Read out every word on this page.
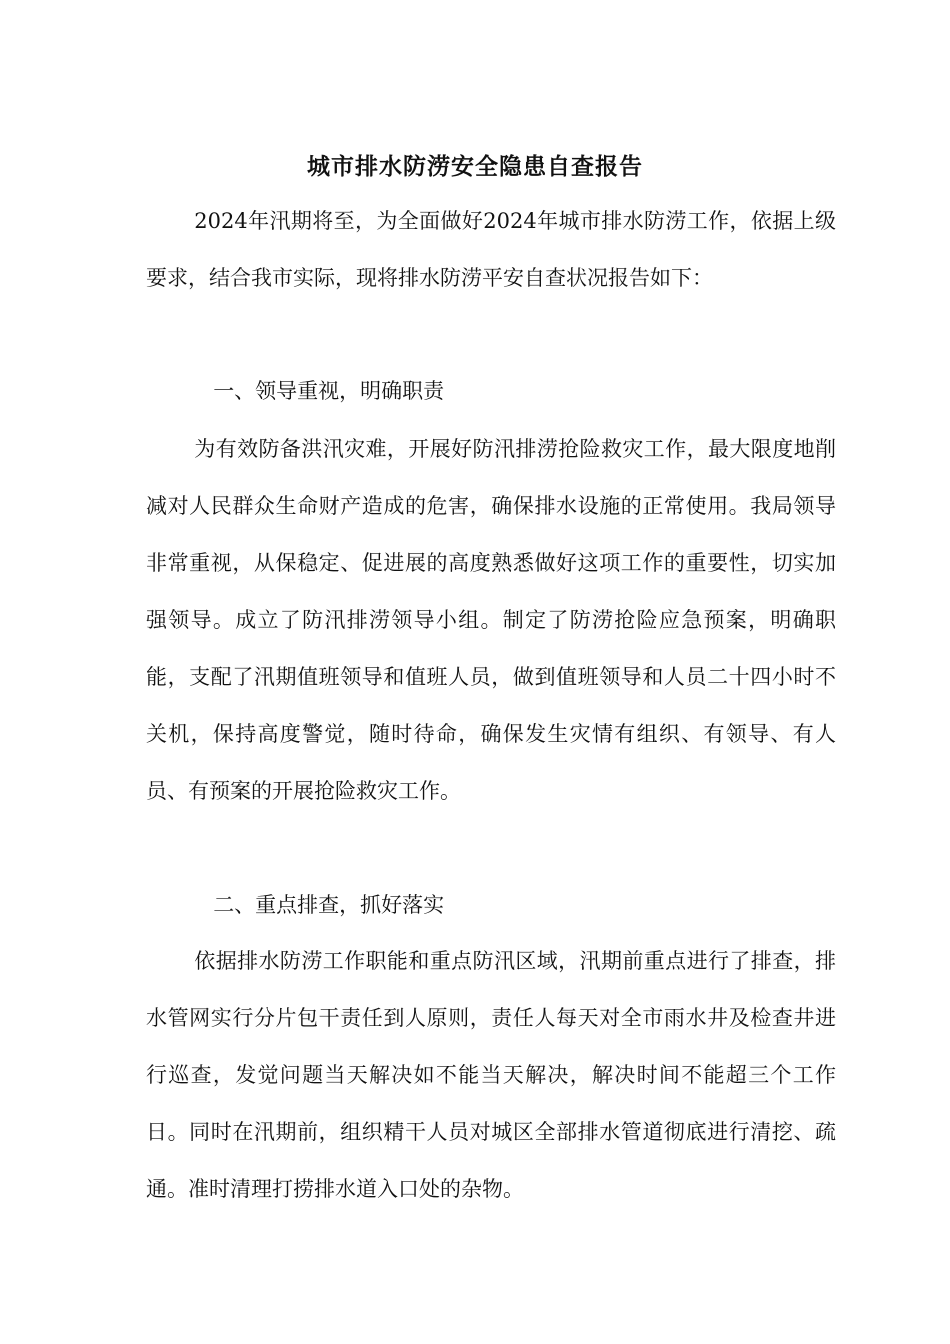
城市排水防涝安全隐患自查报告

2024年汛期将至，为全面做好2024年城市排水防涝工作，依据上级要求，结合我市实际，现将排水防涝平安自查状况报告如下：

一、领导重视，明确职责

为有效防备洪汛灾难，开展好防汛排涝抢险救灾工作，最大限度地削减对人民群众生命财产造成的危害，确保排水设施的正常使用。我局领导非常重视，从保稳定、促进展的高度熟悉做好这项工作的重要性，切实加强领导。成立了防汛排涝领导小组。制定了防涝抢险应急预案，明确职能，支配了汛期值班领导和值班人员，做到值班领导和人员二十四小时不关机，保持高度警觉，随时待命，确保发生灾情有组织、有领导、有人员、有预案的开展抢险救灾工作。

二、重点排查，抓好落实

依据排水防涝工作职能和重点防汛区域，汛期前重点进行了排查，排水管网实行分片包干责任到人原则，责任人每天对全市雨水井及检查井进行巡查，发觉问题当天解决如不能当天解决，解决时间不能超三个工作日。同时在汛期前，组织精干人员对城区全部排水管道彻底进行清挖、疏通。准时清理打捞排水道入口处的杂物。
